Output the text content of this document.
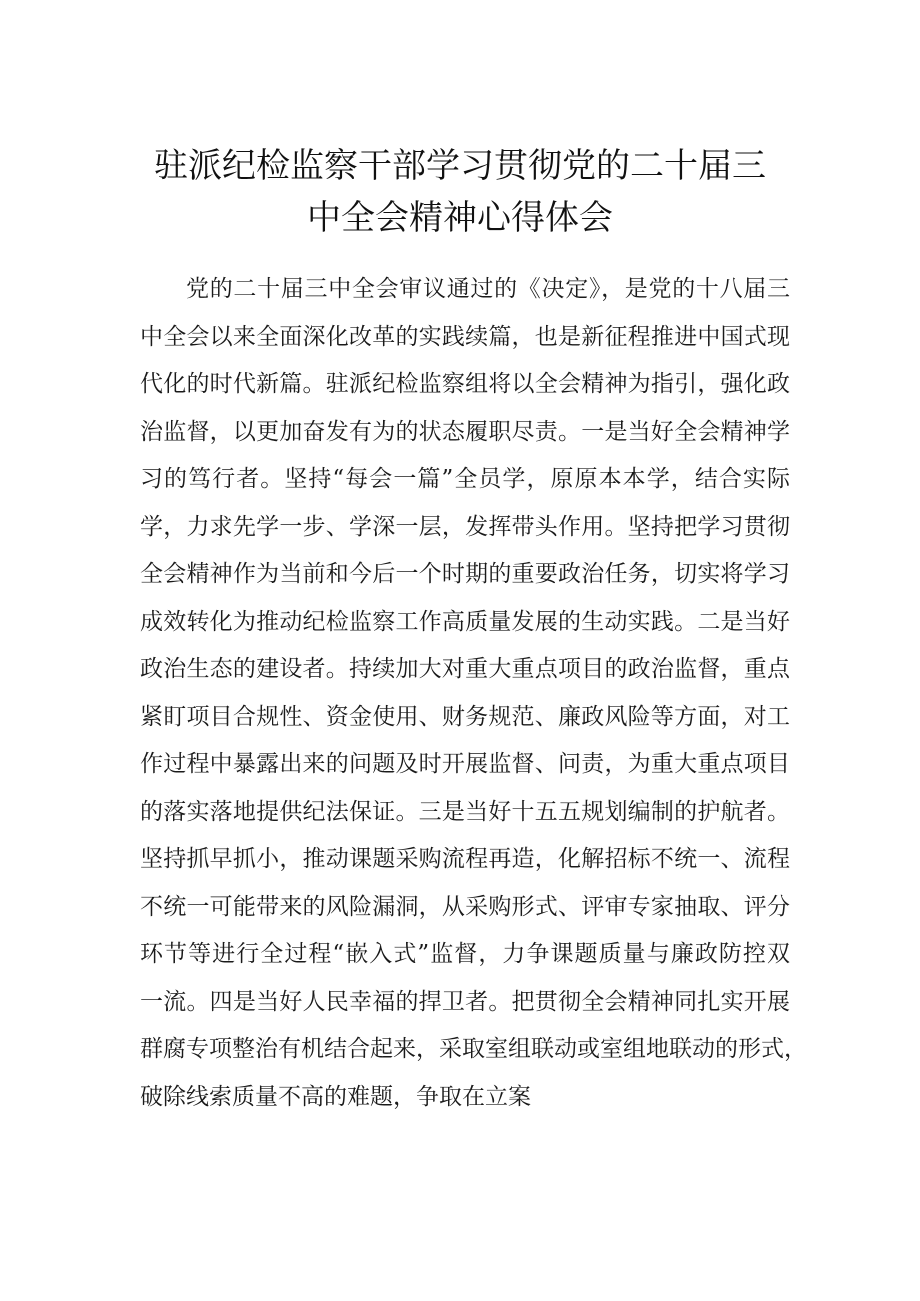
驻派纪检监察干部学习贯彻党的二十届三
中全会精神心得体会
党的二十届三中全会审议通过的《决定》，是党的十八届三
中全会以来全面深化改革的实践续篇，也是新征程推进中国式现
代化的时代新篇。驻派纪检监察组将以全会精神为指引，强化政
治监督，以更加奋发有为的状态履职尽责。一是当好全会精神学
习的笃行者。坚持“每会一篇”全员学，原原本本学，结合实际
学，力求先学一步、学深一层，发挥带头作用。坚持把学习贯彻
全会精神作为当前和今后一个时期的重要政治任务，切实将学习
成效转化为推动纪检监察工作高质量发展的生动实践。二是当好
政治生态的建设者。持续加大对重大重点项目的政治监督，重点
紧盯项目合规性、资金使用、财务规范、廉政风险等方面，对工
作过程中暴露出来的问题及时开展监督、问责，为重大重点项目
的落实落地提供纪法保证。三是当好十五五规划编制的护航者。
坚持抓早抓小，推动课题采购流程再造，化解招标不统一、流程
不统一可能带来的风险漏洞，从采购形式、评审专家抽取、评分
环节等进行全过程“嵌入式”监督，力争课题质量与廉政防控双
一流。四是当好人民幸福的捍卫者。把贯彻全会精神同扎实开展
群腐专项整治有机结合起来，采取室组联动或室组地联动的形式，
破除线索质量不高的难题，争取在立案
